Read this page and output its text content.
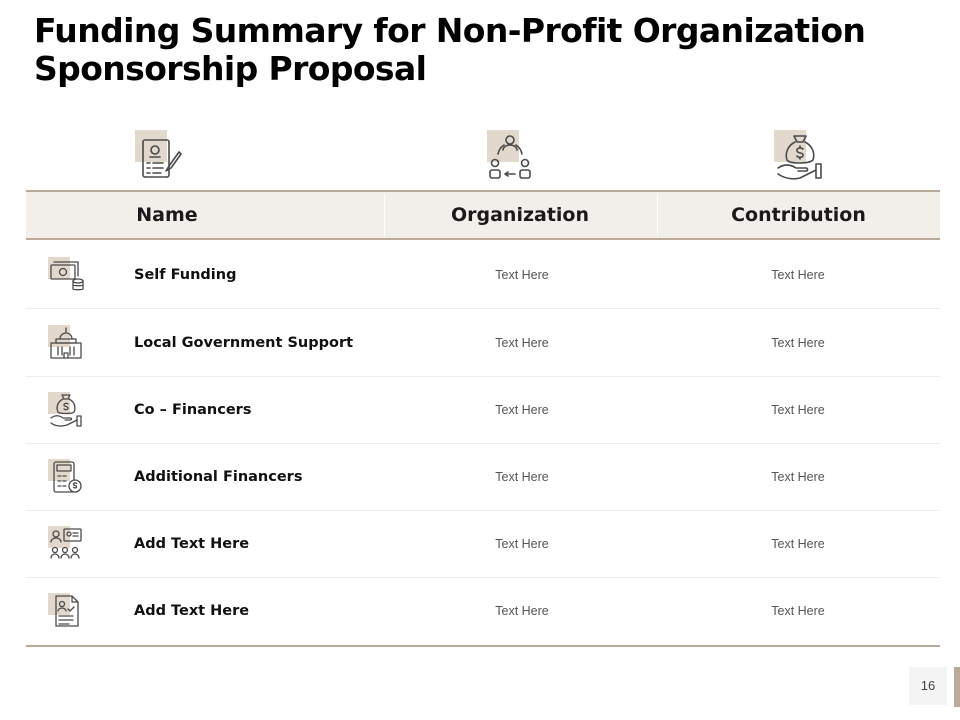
Funding Summary for Non-Profit Organization
Sponsorship Proposal
Name	Organization	Contribution
Self Funding	Text Here	Text Here
Local Government Support	Text Here	Text Here
Co – Financers	Text Here	Text Here
Additional Financers	Text Here	Text Here
Add Text Here	Text Here	Text Here
Add Text Here	Text Here	Text Here
16
